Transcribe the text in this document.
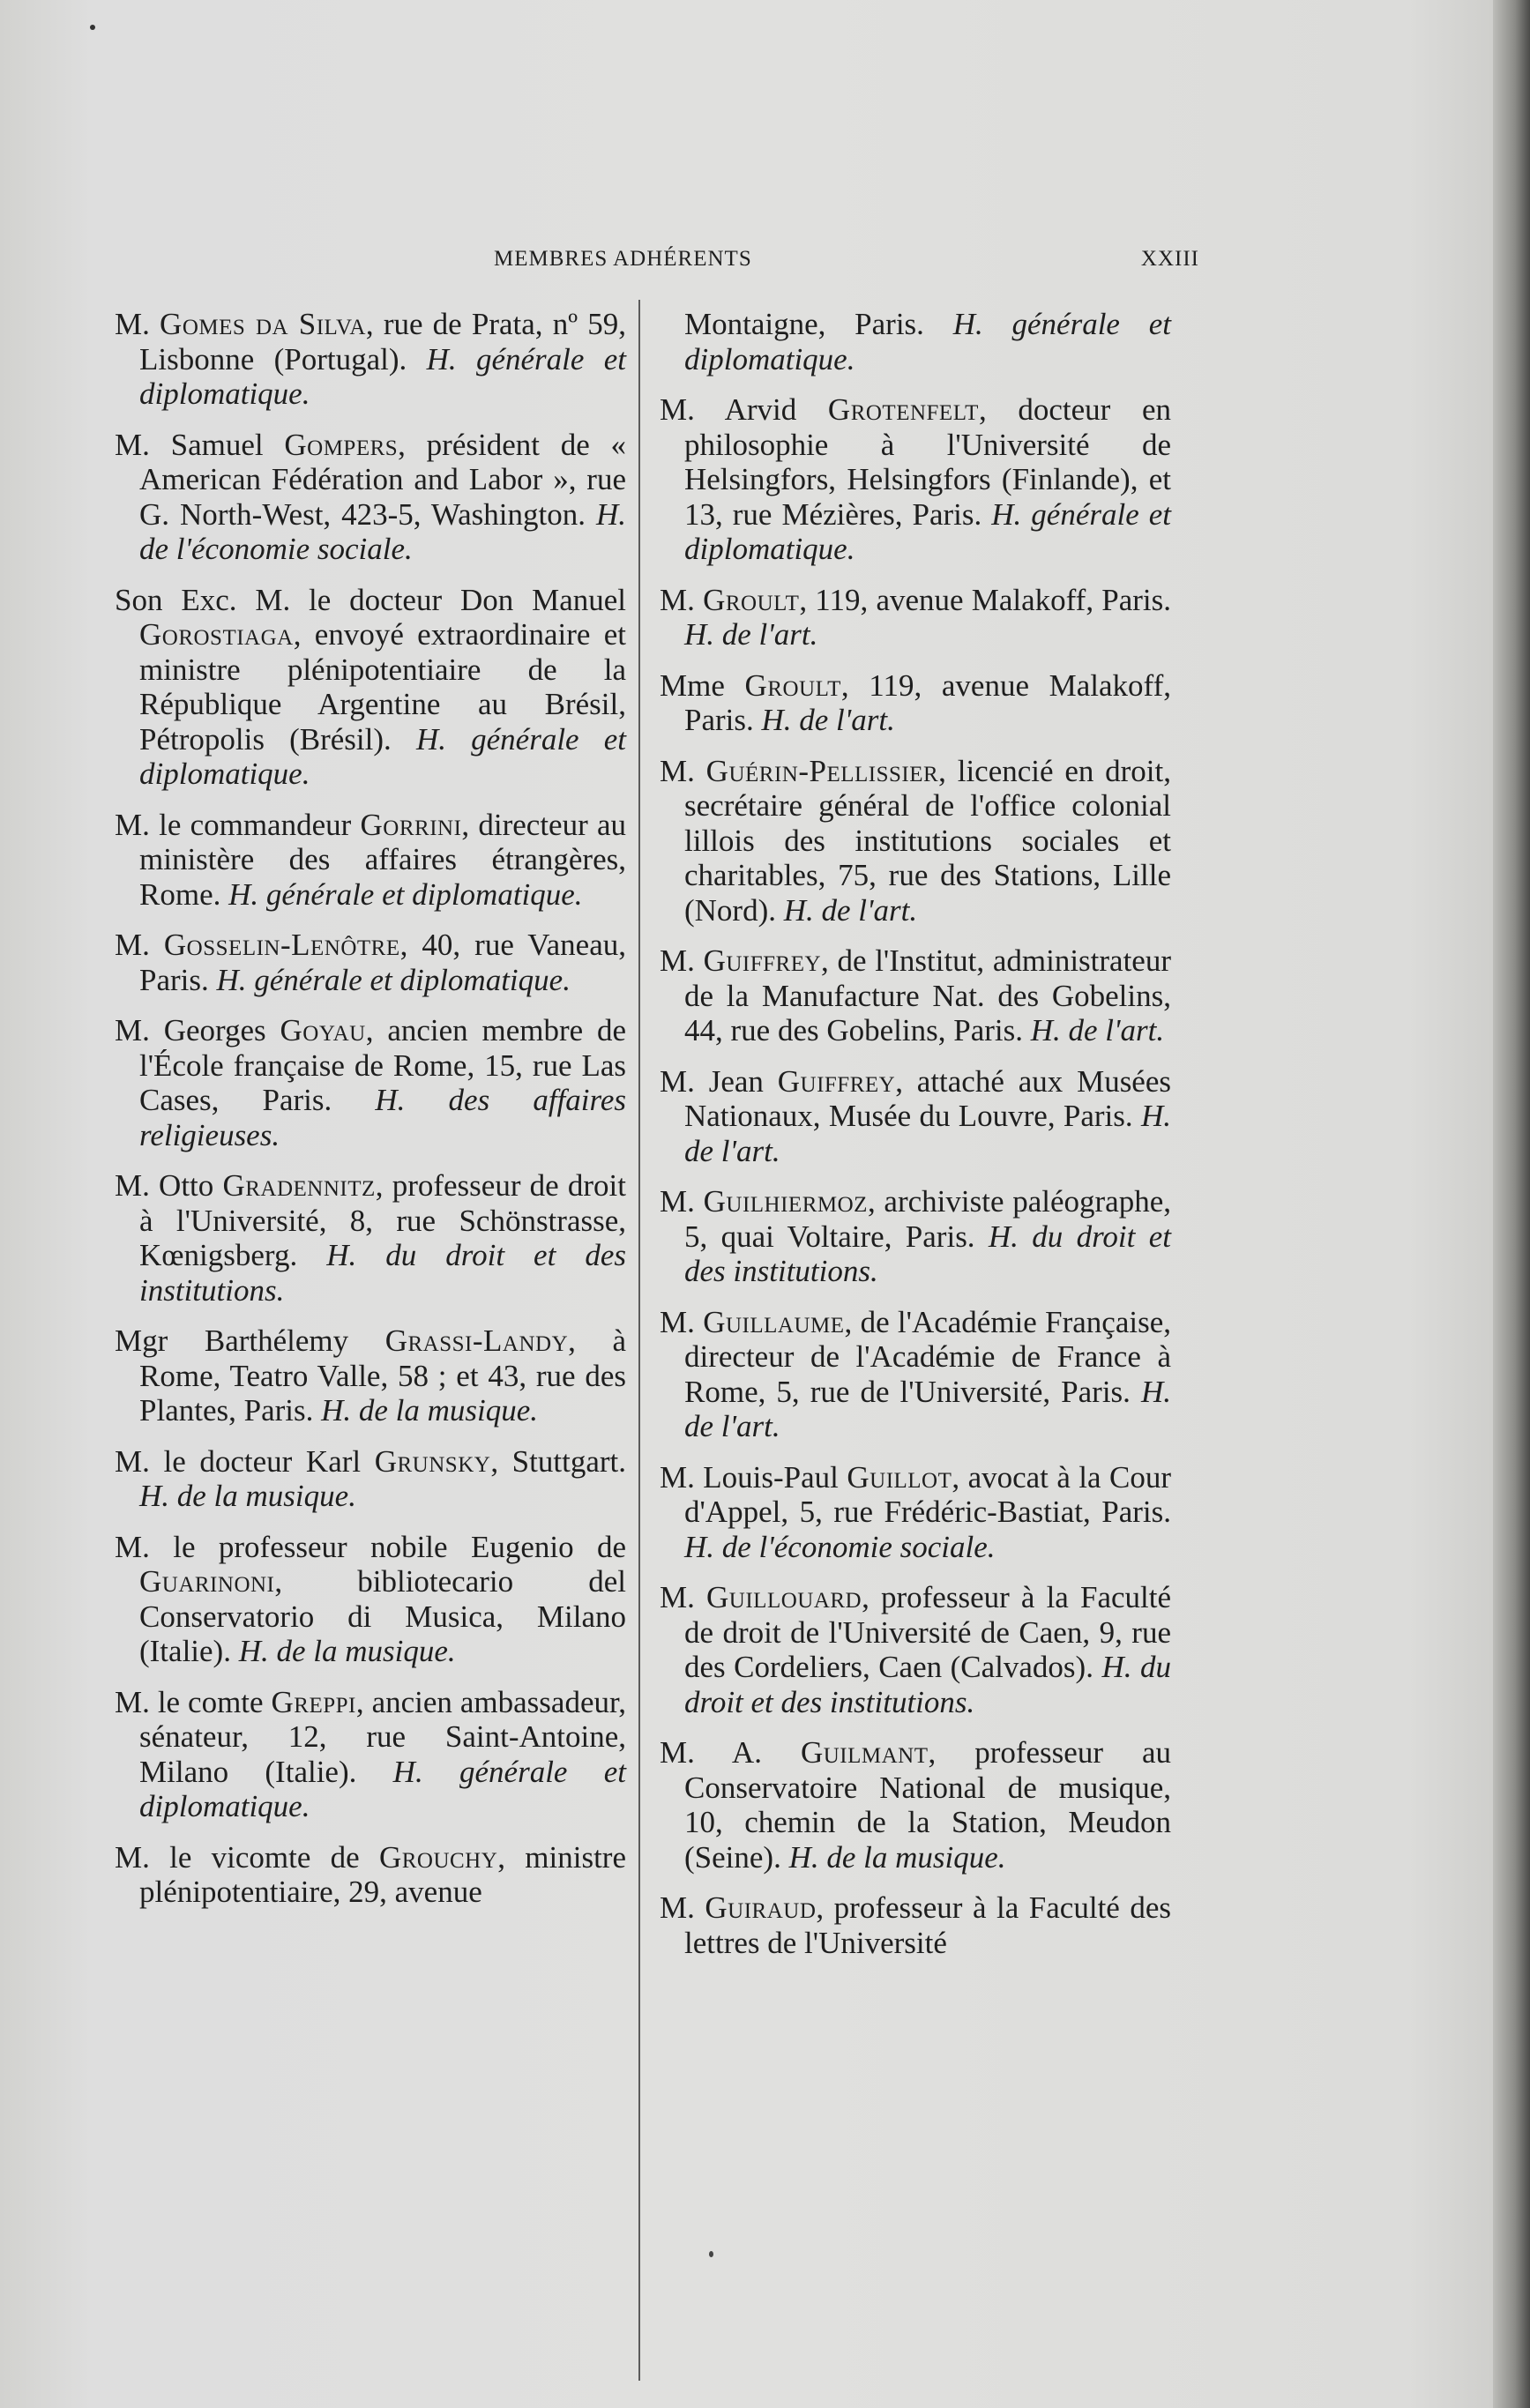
MEMBRES ADHÉRENTS	XXIII

M. Gomes da Silva, rue de Prata, nº 59, Lisbonne (Portugal). H. générale et diplomatique.

M. Samuel Gompers, président de « American Fédération and Labor », rue G. North-West, 423-5, Washington. H. de l'économie sociale.

Son Exc. M. le docteur Don Manuel Gorostiaga, envoyé extraordinaire et ministre plénipotentiaire de la République Argentine au Brésil, Pétropolis (Brésil). H. générale et diplomatique.

M. le commandeur Gorrini, directeur au ministère des affaires étrangères, Rome. H. générale et diplomatique.

M. Gosselin-Lenôtre, 40, rue Vaneau, Paris. H. générale et diplomatique.

M. Georges Goyau, ancien membre de l'École française de Rome, 15, rue Las Cases, Paris. H. des affaires religieuses.

M. Otto Gradennitz, professeur de droit à l'Université, 8, rue Schönstrasse, Kœnigsberg. H. du droit et des institutions.

Mgr Barthélemy Grassi-Landy, à Rome, Teatro Valle, 58 ; et 43, rue des Plantes, Paris. H. de la musique.

M. le docteur Karl Grunsky, Stuttgart. H. de la musique.

M. le professeur nobile Eugenio de Guarinoni, bibliotecario del Conservatorio di Musica, Milano (Italie). H. de la musique.

M. le comte Greppi, ancien ambassadeur, sénateur, 12, rue Saint-Antoine, Milano (Italie). H. générale et diplomatique.

M. le vicomte de Grouchy, ministre plénipotentiaire, 29, avenue

Montaigne, Paris. H. générale et diplomatique.

M. Arvid Grotenfelt, docteur en philosophie à l'Université de Helsingfors, Helsingfors (Finlande), et 13, rue Mézières, Paris. H. générale et diplomatique.

M. Groult, 119, avenue Malakoff, Paris. H. de l'art.

Mme Groult, 119, avenue Malakoff, Paris. H. de l'art.

M. Guérin-Pellissier, licencié en droit, secrétaire général de l'office colonial lillois des institutions sociales et charitables, 75, rue des Stations, Lille (Nord). H. de l'art.

M. Guiffrey, de l'Institut, administrateur de la Manufacture Nat. des Gobelins, 44, rue des Gobelins, Paris. H. de l'art.

M. Jean Guiffrey, attaché aux Musées Nationaux, Musée du Louvre, Paris. H. de l'art.

M. Guilhiermoz, archiviste paléographe, 5, quai Voltaire, Paris. H. du droit et des institutions.

M. Guillaume, de l'Académie Française, directeur de l'Académie de France à Rome, 5, rue de l'Université, Paris. H. de l'art.

M. Louis-Paul Guillot, avocat à la Cour d'Appel, 5, rue Frédéric-Bastiat, Paris. H. de l'économie sociale.

M. Guillouard, professeur à la Faculté de droit de l'Université de Caen, 9, rue des Cordeliers, Caen (Calvados). H. du droit et des institutions.

M. A. Guilmant, professeur au Conservatoire National de musique, 10, chemin de la Station, Meudon (Seine). H. de la musique.

M. Guiraud, professeur à la Faculté des lettres de l'Université
